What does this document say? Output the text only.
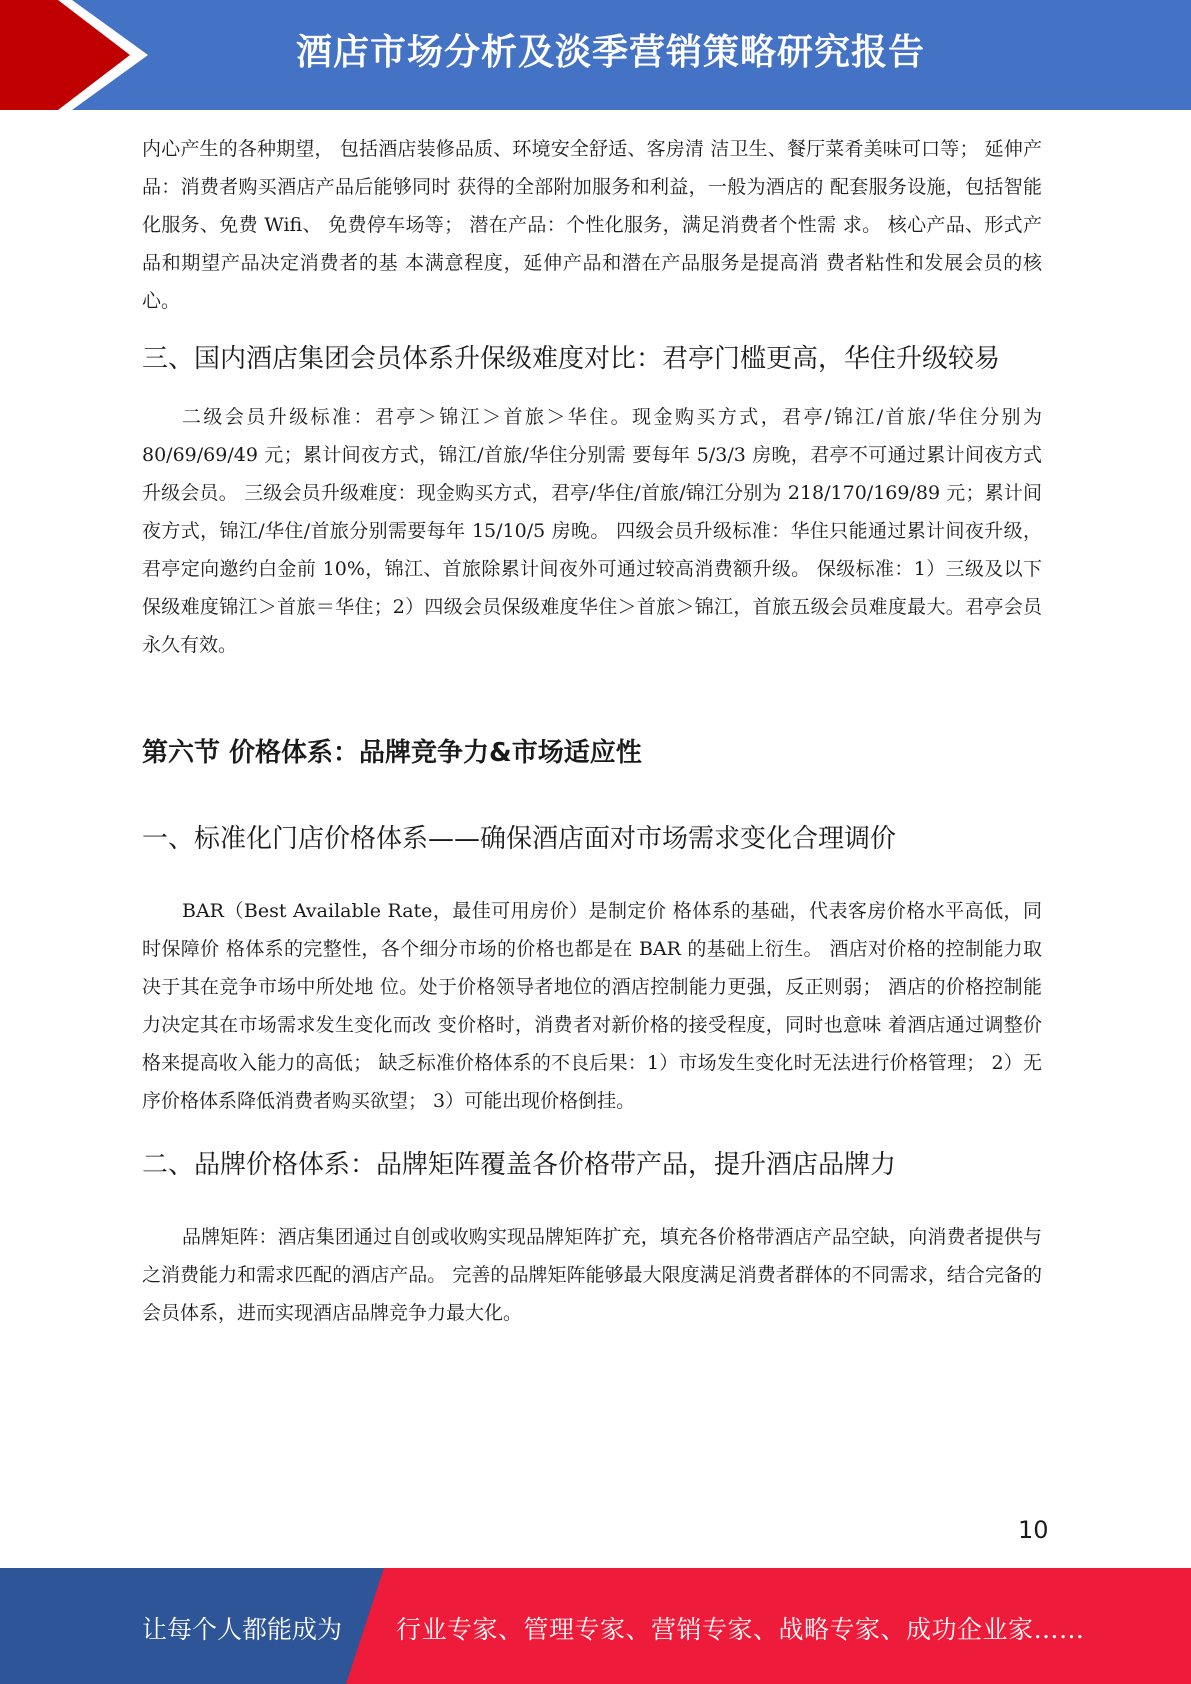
酒店市场分析及淡季营销策略研究报告

内心产生的各种期望， 包括酒店装修品质、环境安全舒适、客房清 洁卫生、餐厅菜肴美味可口等； 延伸产品：消费者购买酒店产品后能够同时 获得的全部附加服务和利益，一般为酒店的 配套服务设施，包括智能化服务、免费 Wifi、 免费停车场等； 潜在产品：个性化服务，满足消费者个性需 求。 核心产品、形式产品和期望产品决定消费者的基 本满意程度，延伸产品和潜在产品服务是提高消 费者粘性和发展会员的核心。

三、国内酒店集团会员体系升保级难度对比：君亭门槛更高，华住升级较易

二级会员升级标准：君亭＞锦江＞首旅＞华住。现金购买方式，君亭/锦江/首旅/华住分别为 80/69/69/49 元；累计间夜方式，锦江/首旅/华住分别需 要每年 5/3/3 房晚，君亭不可通过累计间夜方式升级会员。 三级会员升级难度：现金购买方式，君亭/华住/首旅/锦江分别为 218/170/169/89 元；累计间夜方式，锦江/华住/首旅分别需要每年 15/10/5 房晚。 四级会员升级标准：华住只能通过累计间夜升级，君亭定向邀约白金前 10%，锦江、首旅除累计间夜外可通过较高消费额升级。 保级标准：1）三级及以下保级难度锦江＞首旅＝华住；2）四级会员保级难度华住＞首旅＞锦江，首旅五级会员难度最大。君亭会员永久有效。

第六节 价格体系：品牌竞争力&市场适应性
一、标准化门店价格体系——确保酒店面对市场需求变化合理调价

BAR（Best Available Rate，最佳可用房价）是制定价 格体系的基础，代表客房价格水平高低，同时保障价 格体系的完整性，各个细分市场的价格也都是在 BAR 的基础上衍生。 酒店对价格的控制能力取决于其在竞争市场中所处地 位。处于价格领导者地位的酒店控制能力更强，反正则弱； 酒店的价格控制能力决定其在市场需求发生变化而改 变价格时，消费者对新价格的接受程度，同时也意味 着酒店通过调整价格来提高收入能力的高低； 缺乏标准价格体系的不良后果：1）市场发生变化时无法进行价格管理； 2）无序价格体系降低消费者购买欲望； 3）可能出现价格倒挂。

二、品牌价格体系：品牌矩阵覆盖各价格带产品，提升酒店品牌力

品牌矩阵：酒店集团通过自创或收购实现品牌矩阵扩充，填充各价格带酒店产品空缺，向消费者提供与之消费能力和需求匹配的酒店产品。 完善的品牌矩阵能够最大限度满足消费者群体的不同需求，结合完备的会员体系，进而实现酒店品牌竞争力最大化。

10
让每个人都能成为 行业专家、管理专家、营销专家、战略专家、成功企业家……
